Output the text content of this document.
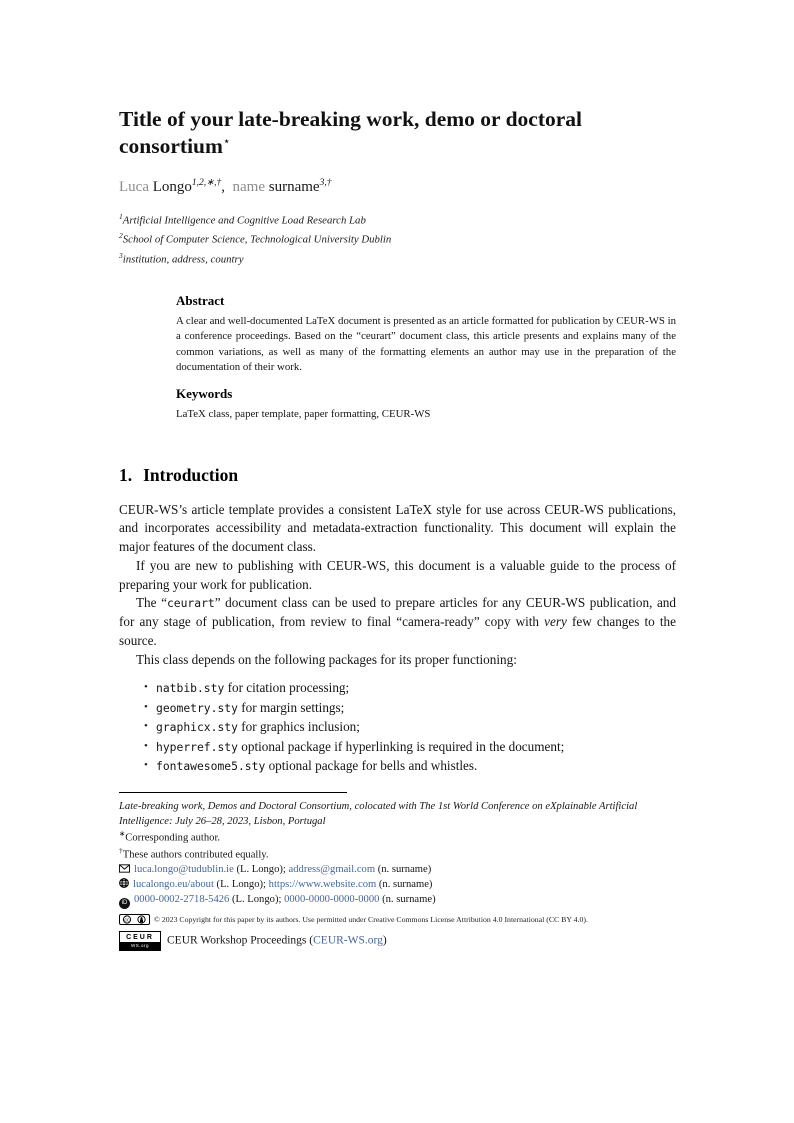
Title of your late-breaking work, demo or doctoral consortium⋆

Luca Longo$^{1,2,∗,\dagger}$, name surname$^{3,\dagger}$

$^1$Artificial Intelligence and Cognitive Load Research Lab

$^2$School of Computer Science, Technological University Dublin

$^3$institution, address, country

Abstract

A clear and well-documented LaTeX document is presented as an article formatted for publication by CEUR-WS in a conference proceedings. Based on the “ceurart” document class, this article presents and explains many of the common variations, as well as many of the formatting elements an author may use in the preparation of the documentation of their work.

Keywords

LaTeX class, paper template, paper formatting, CEUR-WS

1. Introduction

CEUR-WS’s article template provides a consistent LaTeX style for use across CEUR-WS publications, and incorporates accessibility and metadata-extraction functionality. This document will explain the major features of the document class.

If you are new to publishing with CEUR-WS, this document is a valuable guide to the process of preparing your work for publication.

The “ceurart” document class can be used to prepare articles for any CEUR-WS publication, and for any stage of publication, from review to final “camera-ready” copy with very few changes to the source.

This class depends on the following packages for its proper functioning:

• natbib.sty for citation processing;
• geometry.sty for margin settings;
• graphicx.sty for graphics inclusion;
• hyperref.sty optional package if hyperlinking is required in the document;
• fontawesome5.sty optional package for bells and whistles.

Late-breaking work, Demos and Doctoral Consortium, colocated with The 1st World Conference on eXplainable Artificial Intelligence: July 26–28, 2023, Lisbon, Portugal

∗Corresponding author.

†These authors contributed equally.

luca.longo@tudublin.ie (L. Longo); address@gmail.com (n. surname)

lucalongo.eu/about (L. Longo); https://www.website.com (n. surname)

iD 0000-0002-2718-5426 (L. Longo); 0000-0000-0000-0000 (n. surname)

cc	© 2023 Copyright for this paper by its authors. Use permitted under Creative Commons License Attribution 4.0 International (CC BY 4.0).

CEUR
WS.org	CEUR Workshop Proceedings (CEUR-WS.org)
